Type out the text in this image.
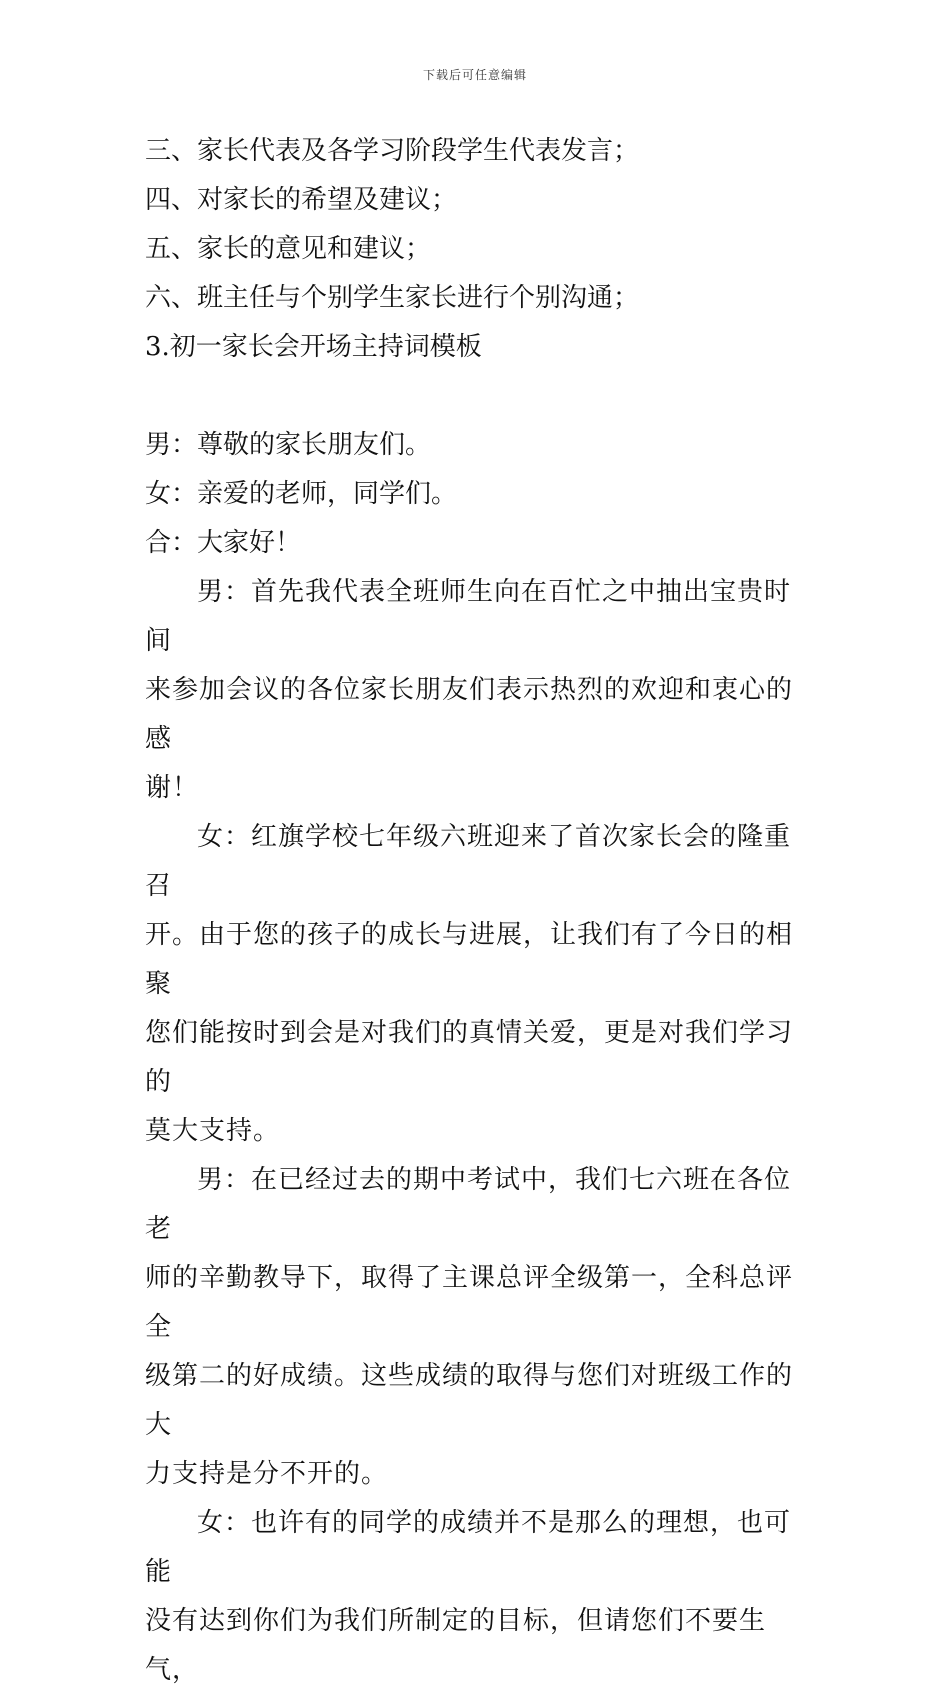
下载后可任意编辑

三、家长代表及各学习阶段学生代表发言；

四、对家长的希望及建议；

五、家长的意见和建议；

六、班主任与个别学生家长进行个别沟通；

3.初一家长会开场主持词模板

男：尊敬的家长朋友们。

女：亲爱的老师，同学们。

合：大家好！

男：首先我代表全班师生向在百忙之中抽出宝贵时间
来参加会议的各位家长朋友们表示热烈的欢迎和衷心的感
谢！
女：红旗学校七年级六班迎来了首次家长会的隆重召
开。由于您的孩子的成长与进展，让我们有了今日的相聚
您们能按时到会是对我们的真情关爱，更是对我们学习的
莫大支持。
男：在已经过去的期中考试中，我们七六班在各位老
师的辛勤教导下，取得了主课总评全级第一，全科总评全
级第二的好成绩。这些成绩的取得与您们对班级工作的大
力支持是分不开的。
女：也许有的同学的成绩并不是那么的理想，也可能
没有达到你们为我们所制定的目标，但请您们不要生气，
